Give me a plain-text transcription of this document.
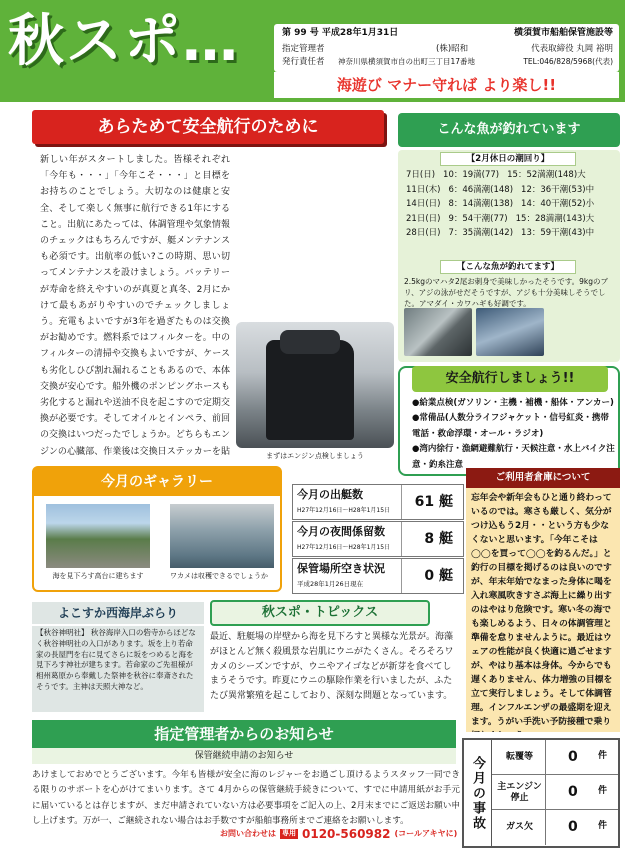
秋スポ…	第 99 号 平成28年1月31日	横須賀市船舶保管施設等
指定管理者	(株)昭和	代表取締役 丸岡 裕明
発行責任者 神奈川県横須賀市自の出町三丁目17番地	TEL:046/828/5968(代表)
海遊び マナー守れば より楽し!!
あらためて安全航行のために
新しい年がスタートしました。皆様それぞれ「今年も・・・」「今年こそ・・・」と目標をお持ちのことでしょう。大切なのは健康と安全、そして楽しく無事に航行できる1年にすること。出航にあたっては、体調管理や気象情報のチェックはもちろんですが、艇メンテナンスも必須です。出航率の低い?この時期、思い切ってメンテナンスを設けましょう。バッテリーが寿命を終えやすいのが真夏と真冬、2月にかけて最もあがりやすいのでチェックしましょう。充電もよいですが3年を過ぎたものは交換がお勧めです。燃料系ではフィルターを。中のフィルターの清掃や交換もよいですが、ケースも劣化しひび割れ漏れることもあるので、本体交換が安心です。船外機のポンピングホースも劣化すると漏れや送油不良を起こすので定期交換が必要です。そしてオイルとインペラ、前回の交換はいつだったでしょうか。どちらもエンジンの心臓部、作業後は交換日ステッカーを貼	まずはエンジン点検しましょう
こんな魚が釣れています
【2月休日の潮回り】
7日(日) 10：19満(77) 15：52満潮(148)大
11日(木) 6：46満潮(148) 12：36干潮(53)中
14日(日) 8：14満潮(138) 14：40干潮(52)小
21日(日) 9：54干潮(77) 15：28満潮(143)大
28日(日) 7：35満潮(142) 13：59干潮(43)中
【こんな魚が釣れてます】
2.5kgのマハタ2尾お刺身で美味しかったそうです。9kgのブリ、アジの泳がせだそうですが、アジも十分美味しそうでした。アマダイ・カワハギも好調です。
安全航行しましょう!!
●給業点検(ガソリン・主機・補機・船体・アンカー)
●常備品(人数分ライフジャケット・信号紅炎・携帯電話・救命浮環・オール・ラジオ)
●湾内徐行・漁網避難航行・天候注意・水上バイク注意・釣糸注意
今月のギャラリー
海を見下ろす高台に建ちます	ワカメは収穫できるでしょうか
今月の出艇数
H27年12月16日〜H28年1月15日
61 艇
今月の夜間係留数
H27年12月16日〜H28年1月15日
8 艇
保管場所空き状況
平成28年1月26日現在	0 艇
よこすか西海岸ぶらり
【秋谷神明社】 秋谷海岸入口の砦寺からほどなく秋谷神明社の入口があります。坂を上り若命家の長屋門を右に見てさらに坂をつめると海を見下ろす神社が建ちます。若命家のご先祖様が相州葛原から奉戴した祭神を秋谷に奉斎されたそうです。主神は天照大神など。
秋スポ・トピックス
最近、駐艇場の岸壁から海を見下ろすと異様な光景が。海藻がほとんど無く殺風景な岩肌にウニがたくさん。そろそろワカメのシーズンですが、ウニやアイゴなどが新芽を食べてしまうそうです。昨夏にウニの駆除作業を行いましたが、ふたたび異常繁殖を起こしており、深刻な問題となっています。
ご利用者倉庫について
忘年会や新年会もひと通り終わっているのでは。寒さも厳しく、気分がつけ込もう2月・・という方も少なくないと思います。「今年こそは◯◯を買って◯◯を釣るんだ。」と釣行の目標を掲げるのは良いのですが、年末年始でなまった身体に喝を入れ寒風吹きすさぶ海上に繰り出すのはやはり危険です。寒い冬の海でも楽しめるよう、日々の体調管理と準備を怠りませんように。最近はウェアの性能が良く快適に過ごせますが、やはり基本は身体。今からでも遅くありません、体力増強の目標を立て実行しましょう。そして体調管理。インフルエンザの最盛期を迎えます。うがい手洗い予防接種で乗り
指定管理者からのお知らせ
保管継続申請のお知らせ
あけましておめでとうございます。今年も皆様が安全に海のレジャーをお過ごし頂けるようスタッフ一同できる限りのサポートを心がけてまいります。さて 4月からの保管継続手続きについて、すでに申請用紙がお手元に届いているとは存じますが、まだ申請されていない方は必要事項をご記入の上、2月末までにご返送お願い申し上げます。万が一、ご継続されない場合はお手数ですが船舶事務所までご連絡をお願いします。
お問い合わせは 専用 0120-560982 (コールアキヤに)
今月の事故	転覆等	0 件
主エンジン停止	0 件
ガス欠	0 件
